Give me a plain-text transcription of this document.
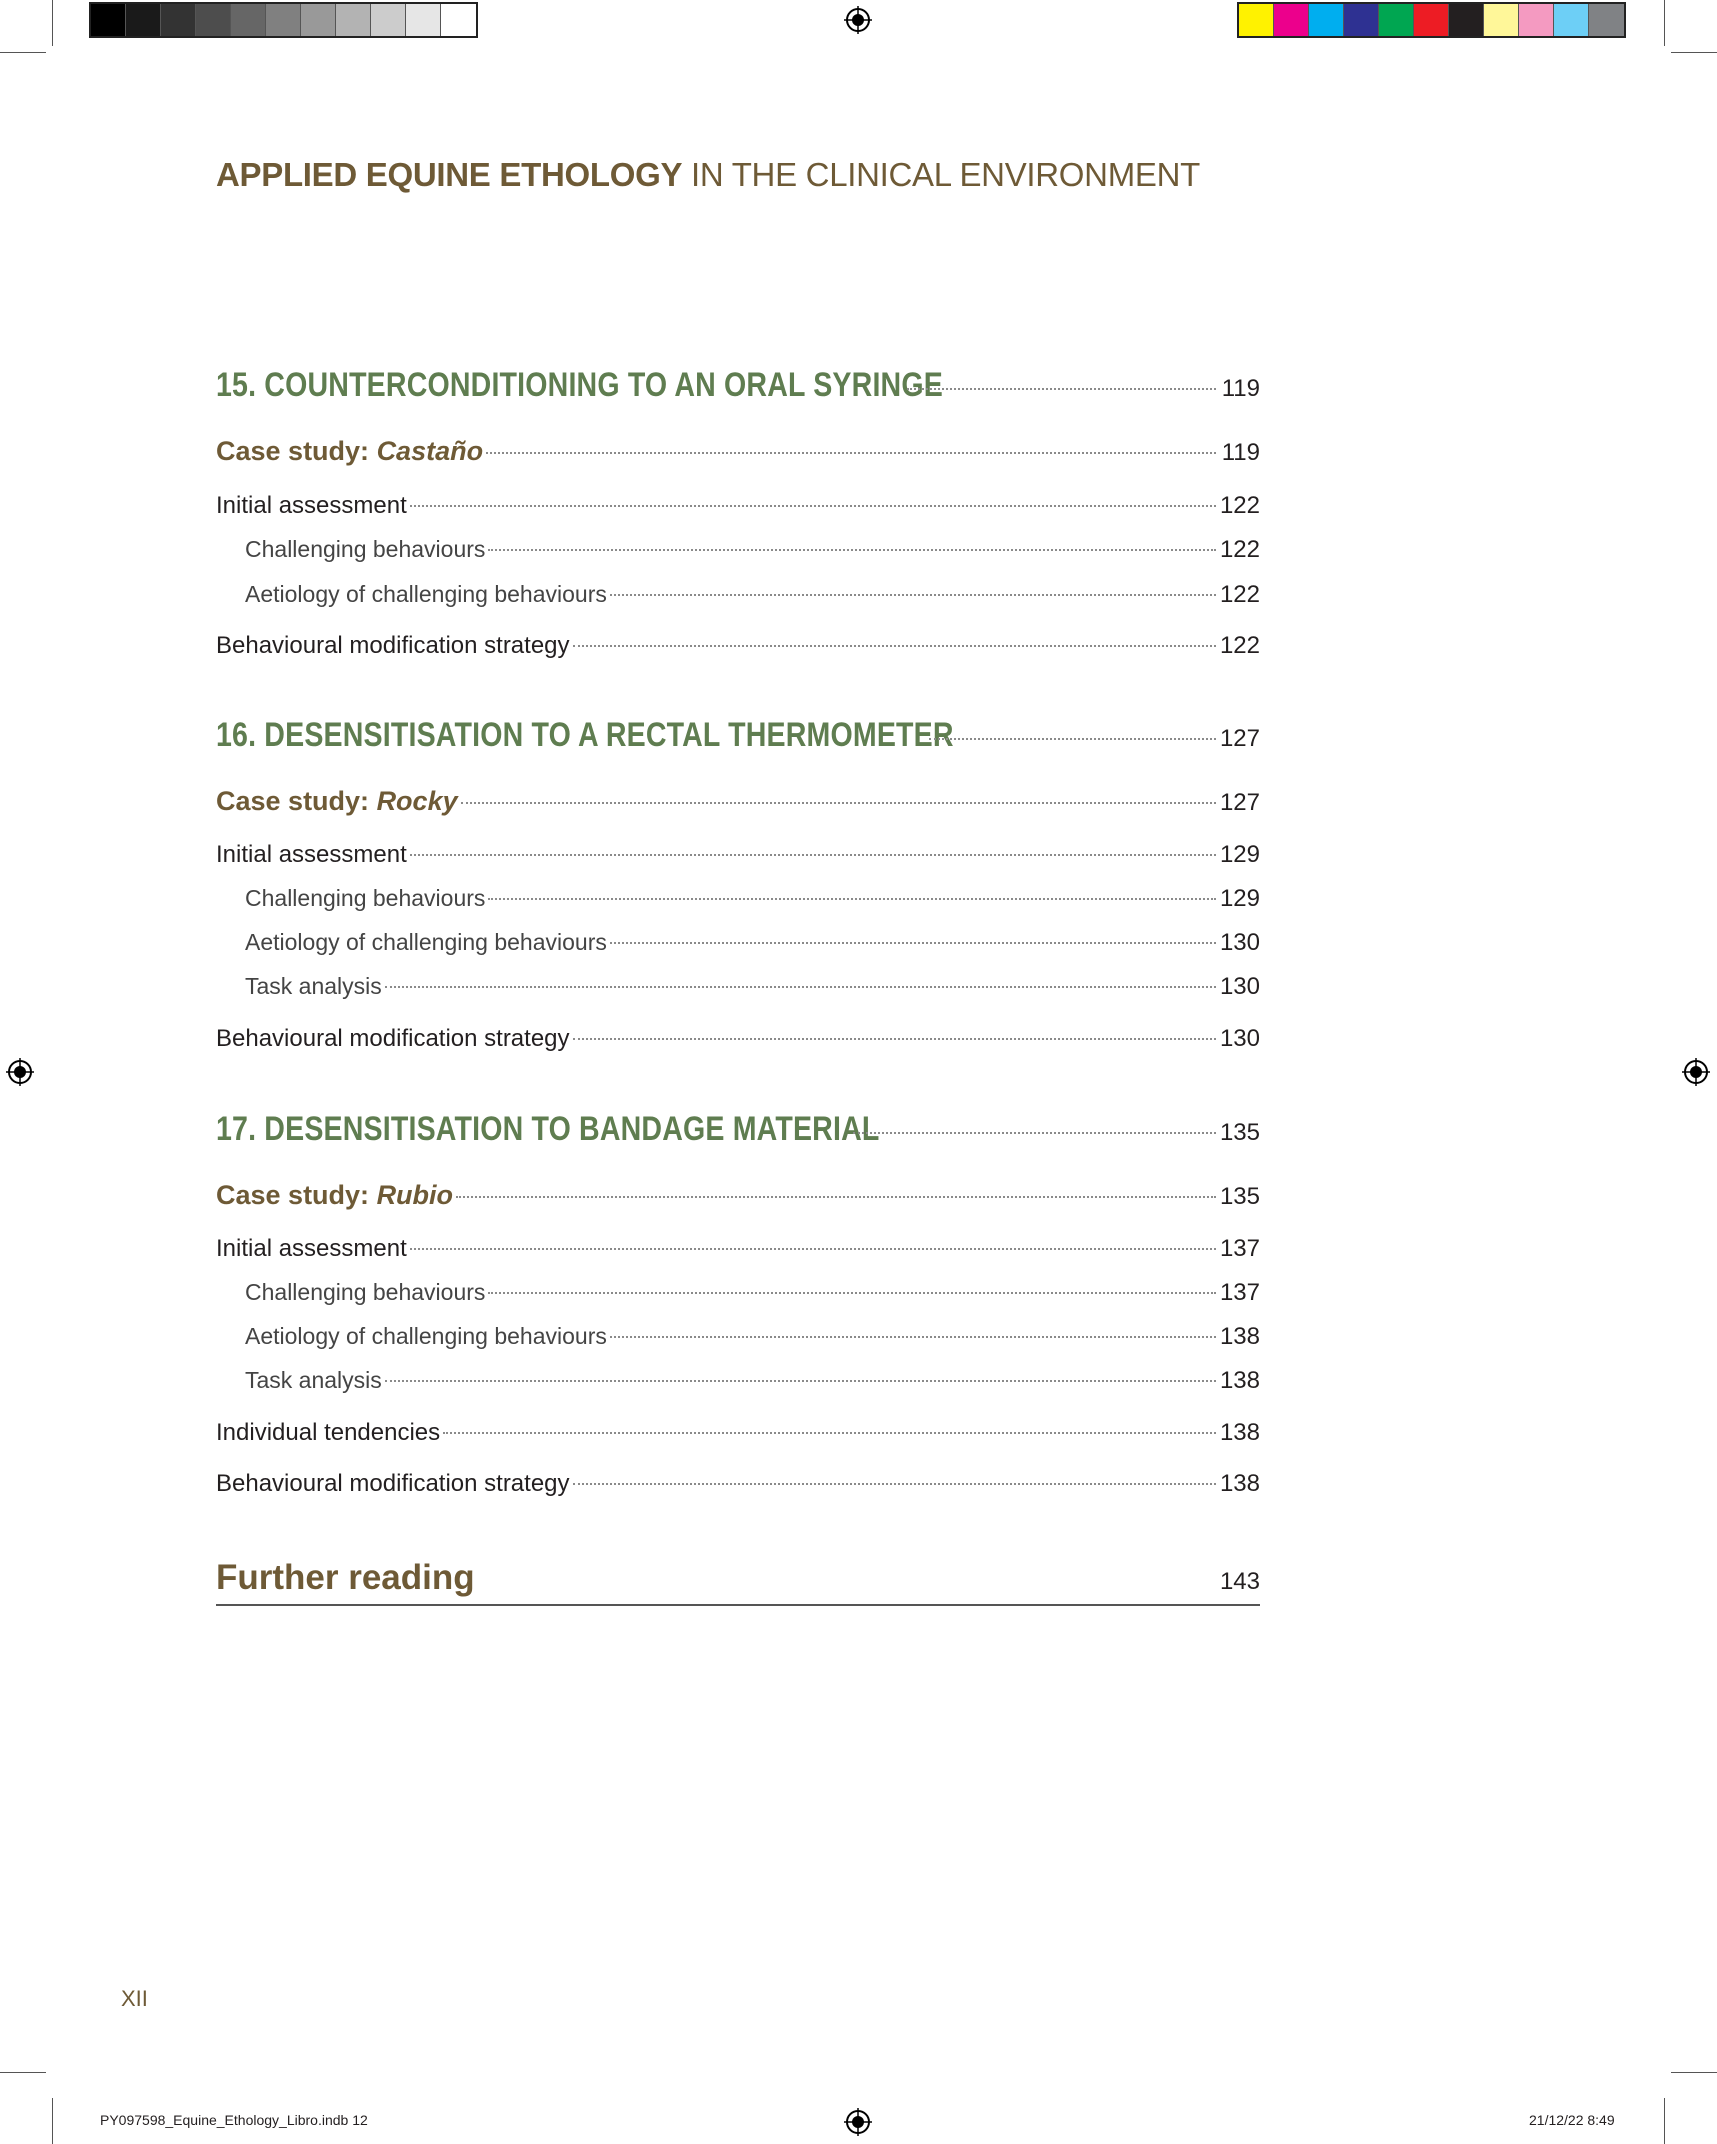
APPLIED EQUINE ETHOLOGY IN THE CLINICAL ENVIRONMENT
15. COUNTERCONDITIONING TO AN ORAL SYRINGE	119
Case study: Castaño	119
Initial assessment	122
Challenging behaviours	122
Aetiology of challenging behaviours	122
Behavioural modification strategy	122
16. DESENSITISATION TO A RECTAL THERMOMETER	127
Case study: Rocky	127
Initial assessment	129
Challenging behaviours	129
Aetiology of challenging behaviours	130
Task analysis	130
Behavioural modification strategy	130
17. DESENSITISATION TO BANDAGE MATERIAL	135
Case study: Rubio	135
Initial assessment	137
Challenging behaviours	137
Aetiology of challenging behaviours	138
Task analysis	138
Individual tendencies	138
Behavioural modification strategy	138
Further reading	143
XII
PY097598_Equine_Ethology_Libro.indb 12	21/12/22 8:49
